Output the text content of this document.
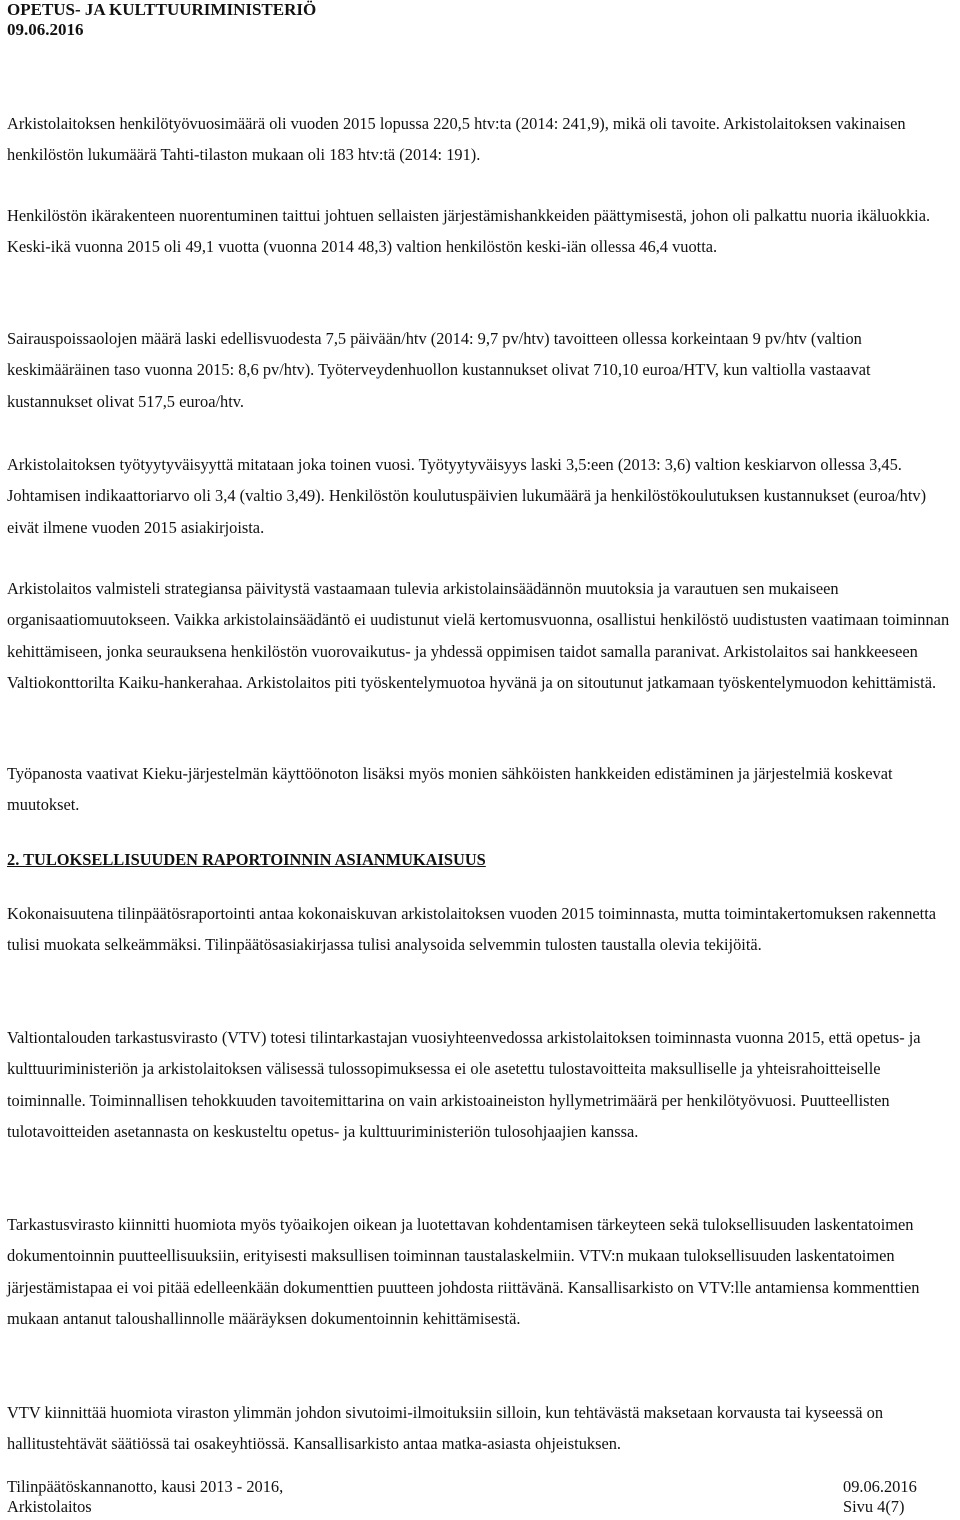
OPETUS- JA KULTTUURIMINISTERIÖ
09.06.2016
Arkistolaitoksen henkilötyövuosimäärä oli vuoden 2015 lopussa 220,5 htv:ta (2014: 241,9), mikä oli tavoite. Arkistolaitoksen vakinaisen henkilöstön lukumäärä Tahti-tilaston mukaan oli 183 htv:tä (2014: 191).
Henkilöstön ikärakenteen nuorentuminen taittui johtuen sellaisten järjestämishankkeiden päättymisestä, johon oli palkattu nuoria ikäluokkia. Keski-ikä vuonna 2015 oli 49,1 vuotta (vuonna 2014 48,3) valtion henkilöstön keski-iän ollessa 46,4 vuotta.
Sairauspoissaolojen määrä laski edellisvuodesta 7,5 päivään/htv (2014: 9,7 pv/htv) tavoitteen ollessa korkeintaan 9 pv/htv (valtion keskimääräinen taso vuonna 2015: 8,6 pv/htv). Työterveydenhuollon kustannukset olivat 710,10 euroa/HTV, kun valtiolla vastaavat kustannukset olivat 517,5 euroa/htv.
Arkistolaitoksen työtyytyväisyyttä mitataan joka toinen vuosi. Työtyytyväisyys laski 3,5:een (2013: 3,6) valtion keskiarvon ollessa 3,45. Johtamisen indikaattoriarvo oli 3,4 (valtio 3,49). Henkilöstön koulutuspäivien lukumäärä ja henkilöstökoulutuksen kustannukset (euroa/htv) eivät ilmene vuoden 2015 asiakirjoista.
Arkistolaitos valmisteli strategiansa päivitystä vastaamaan tulevia arkistolainsäädännön muutoksia ja varautuen sen mukaiseen organisaatiomuutokseen. Vaikka arkistolainsäädäntö ei uudistunut vielä kertomusvuonna, osallistui henkilöstö uudistusten vaatimaan toiminnan kehittämiseen, jonka seurauksena henkilöstön vuorovaikutus- ja yhdessä oppimisen taidot samalla paranivat. Arkistolaitos sai hankkeeseen Valtiokonttorilta Kaiku-hankerahaa. Arkistolaitos piti työskentelymuotoa hyvänä ja on sitoutunut jatkamaan työskentelymuodon kehittämistä.
Työpanosta vaativat Kieku-järjestelmän käyttöönoton lisäksi myös monien sähköisten hankkeiden edistäminen ja järjestelmiä koskevat muutokset.
2. TULOKSELLISUUDEN RAPORTOINNIN ASIANMUKAISUUS
Kokonaisuutena tilinpäätösraportointi antaa kokonaiskuvan arkistolaitoksen vuoden 2015 toiminnasta, mutta toimintakertomuksen rakennetta tulisi muokata selkeämmäksi. Tilinpäätösasiakirjassa tulisi analysoida selvemmin tulosten taustalla olevia tekijöitä.
Valtiontalouden tarkastusvirasto (VTV) totesi tilintarkastajan vuosiyhteenvedossa arkistolaitoksen toiminnasta vuonna 2015, että opetus- ja kulttuuriministeriön ja arkistolaitoksen välisessä tulossopimuksessa ei ole asetettu tulostavoitteita maksulliselle ja yhteisrahoitteiselle toiminnalle. Toiminnallisen tehokkuuden tavoitemittarina on vain arkistoaineiston hyllymetrimäärä per henkilötyövuosi. Puutteellisten tulotavoitteiden asetannasta on keskusteltu opetus- ja kulttuuriministeriön tulosohjaajien kanssa.
Tarkastusvirasto kiinnitti huomiota myös työaikojen oikean ja luotettavan kohdentamisen tärkeyteen sekä tuloksellisuuden laskentatoimen dokumentoinnin puutteellisuuksiin, erityisesti maksullisen toiminnan taustalaskelmiin. VTV:n mukaan tuloksellisuuden laskentatoimen järjestämistapaa ei voi pitää edelleenkään dokumenttien puutteen johdosta riittävänä. Kansallisarkisto on VTV:lle antamiensa kommenttien mukaan antanut taloushallinnolle määräyksen dokumentoinnin kehittämisestä.
VTV kiinnittää huomiota viraston ylimmän johdon sivutoimi-ilmoituksiin silloin, kun tehtävästä maksetaan korvausta tai kyseessä on hallitustehtävät säätiössä tai osakeyhtiössä. Kansallisarkisto antaa matka-asiasta ohjeistuksen.
Tilinpäätöskannanotto, kausi 2013 - 2016,	09.06.2016
Arkistolaitos	Sivu 4(7)
